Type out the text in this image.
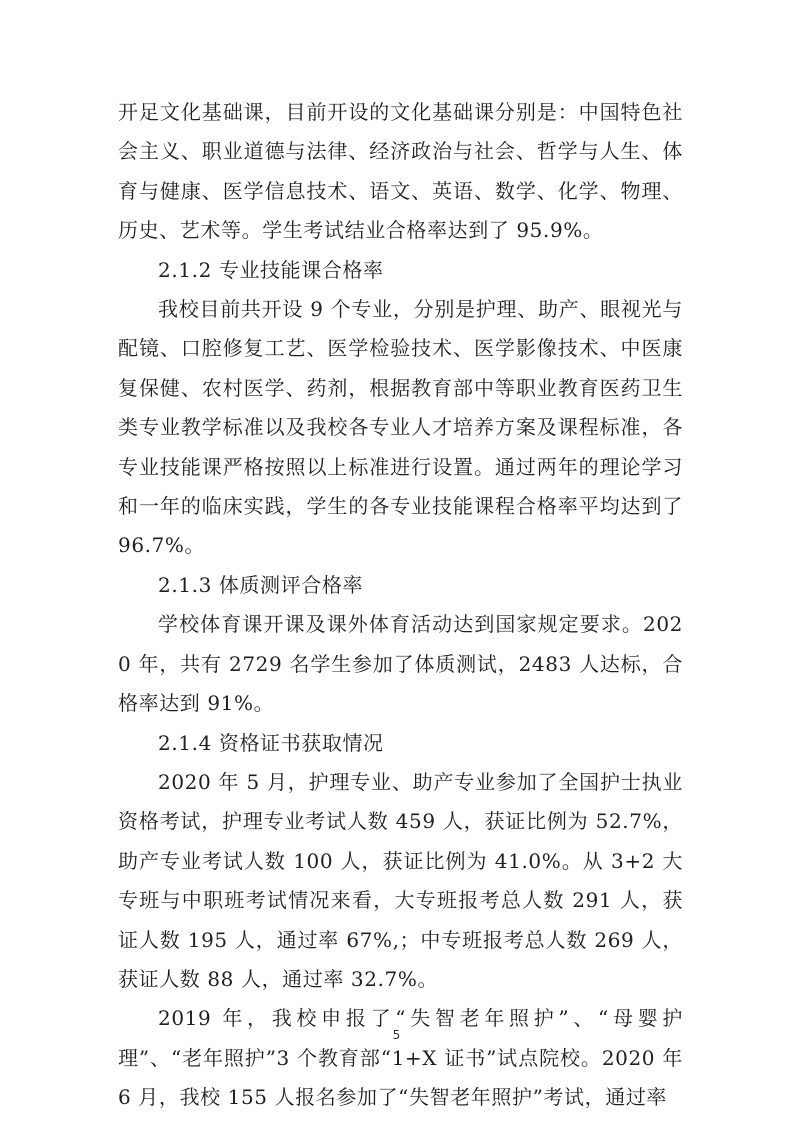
开足文化基础课，目前开设的文化基础课分别是：中国特色社会主义、职业道德与法律、经济政治与社会、哲学与人生、体育与健康、医学信息技术、语文、英语、数学、化学、物理、历史、艺术等。学生考试结业合格率达到了 95.9%。

2.1.2 专业技能课合格率

我校目前共开设 9 个专业，分别是护理、助产、眼视光与配镜、口腔修复工艺、医学检验技术、医学影像技术、中医康复保健、农村医学、药剂，根据教育部中等职业教育医药卫生类专业教学标准以及我校各专业人才培养方案及课程标准，各专业技能课严格按照以上标准进行设置。通过两年的理论学习和一年的临床实践，学生的各专业技能课程合格率平均达到了 96.7%。

2.1.3 体质测评合格率

学校体育课开课及课外体育活动达到国家规定要求。2020 年，共有 2729 名学生参加了体质测试，2483 人达标，合格率达到 91%。

2.1.4 资格证书获取情况

2020 年 5 月，护理专业、助产专业参加了全国护士执业资格考试，护理专业考试人数 459 人，获证比例为 52.7%，助产专业考试人数 100 人，获证比例为 41.0%。从 3+2 大专班与中职班考试情况来看，大专班报考总人数 291 人，获证人数 195 人，通过率 67%,；中专班报考总人数 269 人，获证人数 88 人，通过率 32.7%。

2019 年，我校申报了“失智老年照护”、“母婴护理”、“老年照护”3 个教育部“1+X 证书”试点院校。2020 年 6 月，我校 155 人报名参加了“失智老年照护”考试，通过率

5
